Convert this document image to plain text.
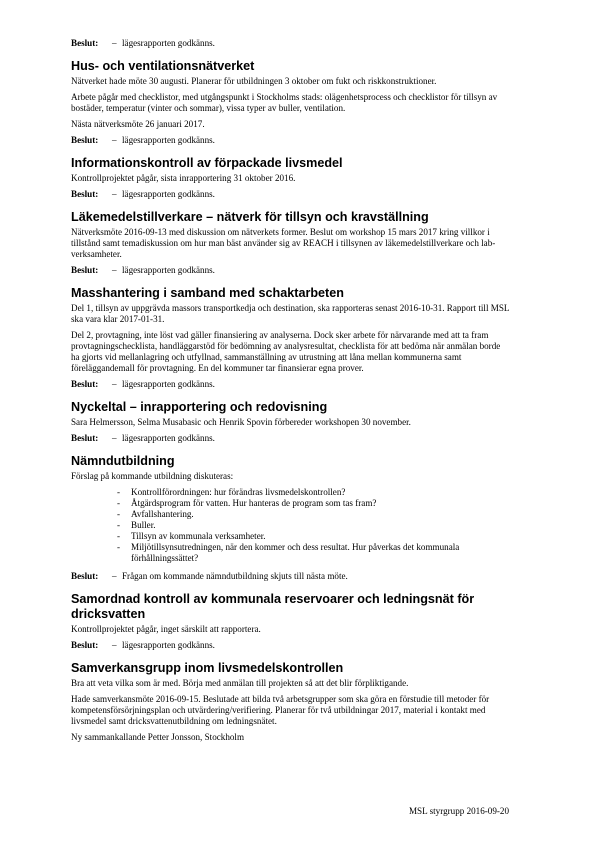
Beslut:	– lägesrapporten godkänns.
Hus- och ventilationsnätverket
Nätverket hade möte 30 augusti. Planerar för utbildningen 3 oktober om fukt och riskkonstruktioner.
Arbete pågår med checklistor, med utgångspunkt i Stockholms stads: olägenhetsprocess och checklistor för tillsyn av bostäder, temperatur (vinter och sommar), vissa typer av buller, ventilation.
Nästa nätverksmöte 26 januari 2017.
Beslut:	– lägesrapporten godkänns.
Informationskontroll av förpackade livsmedel
Kontrollprojektet pågår, sista inrapportering 31 oktober 2016.
Beslut:	– lägesrapporten godkänns.
Läkemedelstillverkare – nätverk för tillsyn och kravställning
Nätverksmöte 2016-09-13 med diskussion om nätverkets former. Beslut om workshop 15 mars 2017 kring villkor i tillstånd samt temadiskussion om hur man bäst använder sig av REACH i tillsynen av läkemedelstillverkare och lab-verksamheter.
Beslut:	– lägesrapporten godkänns.
Masshantering i samband med schaktarbeten
Del 1, tillsyn av uppgrävda massors transportkedja och destination, ska rapporteras senast 2016-10-31. Rapport till MSL ska vara klar 2017-01-31.
Del 2, provtagning, inte löst vad gäller finansiering av analyserna. Dock sker arbete för närvarande med att ta fram provtagningschecklista, handläggarstöd för bedömning av analysresultat, checklista för att bedöma när anmälan borde ha gjorts vid mellanlagring och utfyllnad, sammanställning av utrustning att låna mellan kommunerna samt föreläggandemall för provtagning. En del kommuner tar finansierar egna prover.
Beslut:	– lägesrapporten godkänns.
Nyckeltal – inrapportering och redovisning
Sara Helmersson, Selma Musabasic och Henrik Spovin förbereder workshopen 30 november.
Beslut:	– lägesrapporten godkänns.
Nämndutbildning
Förslag på kommande utbildning diskuteras:
-	Kontrollförordningen: hur förändras livsmedelskontrollen?
-	Åtgärdsprogram för vatten. Hur hanteras de program som tas fram?
-	Avfallshantering.
-	Buller.
-	Tillsyn av kommunala verksamheter.
-	Miljötillsynsutredningen, när den kommer och dess resultat. Hur påverkas det kommunala förhållningssättet?
Beslut:	– Frågan om kommande nämndutbildning skjuts till nästa möte.
Samordnad kontroll av kommunala reservoarer och ledningsnät för dricksvatten
Kontrollprojektet pågår, inget särskilt att rapportera.
Beslut:	– lägesrapporten godkänns.
Samverkansgrupp inom livsmedelskontrollen
Bra att veta vilka som är med. Börja med anmälan till projekten så att det blir förpliktigande.
Hade samverkansmöte 2016-09-15. Beslutade att bilda två arbetsgrupper som ska göra en förstudie till metoder för kompetensförsörjningsplan och utvärdering/verifiering. Planerar för två utbildningar 2017, material i kontakt med livsmedel samt dricksvattenutbildning om ledningsnätet.
Ny sammankallande Petter Jonsson, Stockholm
MSL styrgrupp 2016-09-20
